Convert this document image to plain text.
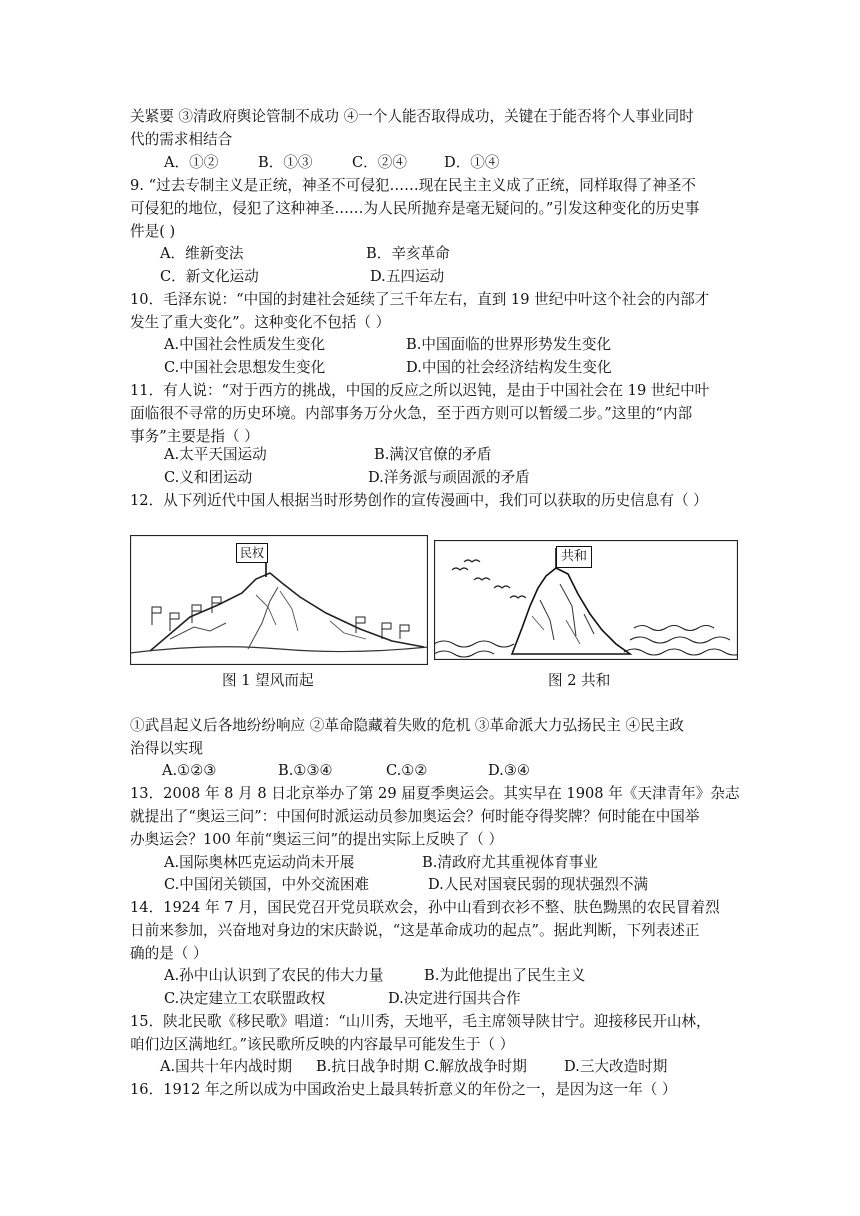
关紧要 ③清政府舆论管制不成功 ④一个人能否取得成功，关键在于能否将个人事业同时
代的需求相结合
A．①②	B．①③	C．②④	D．①④
9. “过去专制主义是正统，神圣不可侵犯……现在民主主义成了正统，同样取得了神圣不
可侵犯的地位，侵犯了这种神圣……为人民所抛弃是毫无疑问的。”引发这种变化的历史事
件是( )
A．维新变法	B．辛亥革命
C．新文化运动	D.五四运动
10．毛泽东说：“中国的封建社会延续了三千年左右，直到 19 世纪中叶这个社会的内部才
发生了重大变化”。这种变化不包括（ ）
A.中国社会性质发生变化	B.中国面临的世界形势发生变化
C.中国社会思想发生变化	D.中国的社会经济结构发生变化
11．有人说：“对于西方的挑战，中国的反应之所以迟钝，是由于中国社会在 19 世纪中叶
面临很不寻常的历史环境。内部事务万分火急，至于西方则可以暂缓二步。”这里的“内部
事务”主要是指（ ）
A.太平天国运动	B.满汉官僚的矛盾
C.义和团运动	D.洋务派与顽固派的矛盾
12．从下列近代中国人根据当时形势创作的宣传漫画中，我们可以获取的历史信息有（ ）
民权	共和
图 1 望风而起	图 2 共和
①武昌起义后各地纷纷响应 ②革命隐藏着失败的危机 ③革命派大力弘扬民主 ④民主政
治得以实现
A.①②③	B.①③④	C.①②	D.③④
13．2008 年 8 月 8 日北京举办了第 29 届夏季奥运会。其实早在 1908 年《天津青年》杂志
就提出了“奥运三问”：中国何时派运动员参加奥运会？何时能夺得奖牌？何时能在中国举
办奥运会？100 年前“奥运三问”的提出实际上反映了（ ）
A.国际奥林匹克运动尚未开展	B.清政府尤其重视体育事业
C.中国闭关锁国，中外交流困难	D.人民对国衰民弱的现状强烈不满
14．1924 年 7 月，国民党召开党员联欢会，孙中山看到衣衫不整、肤色黝黑的农民冒着烈
日前来参加，兴奋地对身边的宋庆龄说，“这是革命成功的起点”。据此判断，下列表述正
确的是（ ）
A.孙中山认识到了农民的伟大力量	B.为此他提出了民生主义
C.决定建立工农联盟政权	D.决定进行国共合作
15．陕北民歌《移民歌》唱道：“山川秀，天地平，毛主席领导陕甘宁。迎接移民开山林，
咱们边区满地红。”该民歌所反映的内容最早可能发生于（ ）
A.国共十年内战时期 B.抗日战争时期 C.解放战争时期	D.三大改造时期
16．1912 年之所以成为中国政治史上最具转折意义的年份之一，是因为这一年（ ）
